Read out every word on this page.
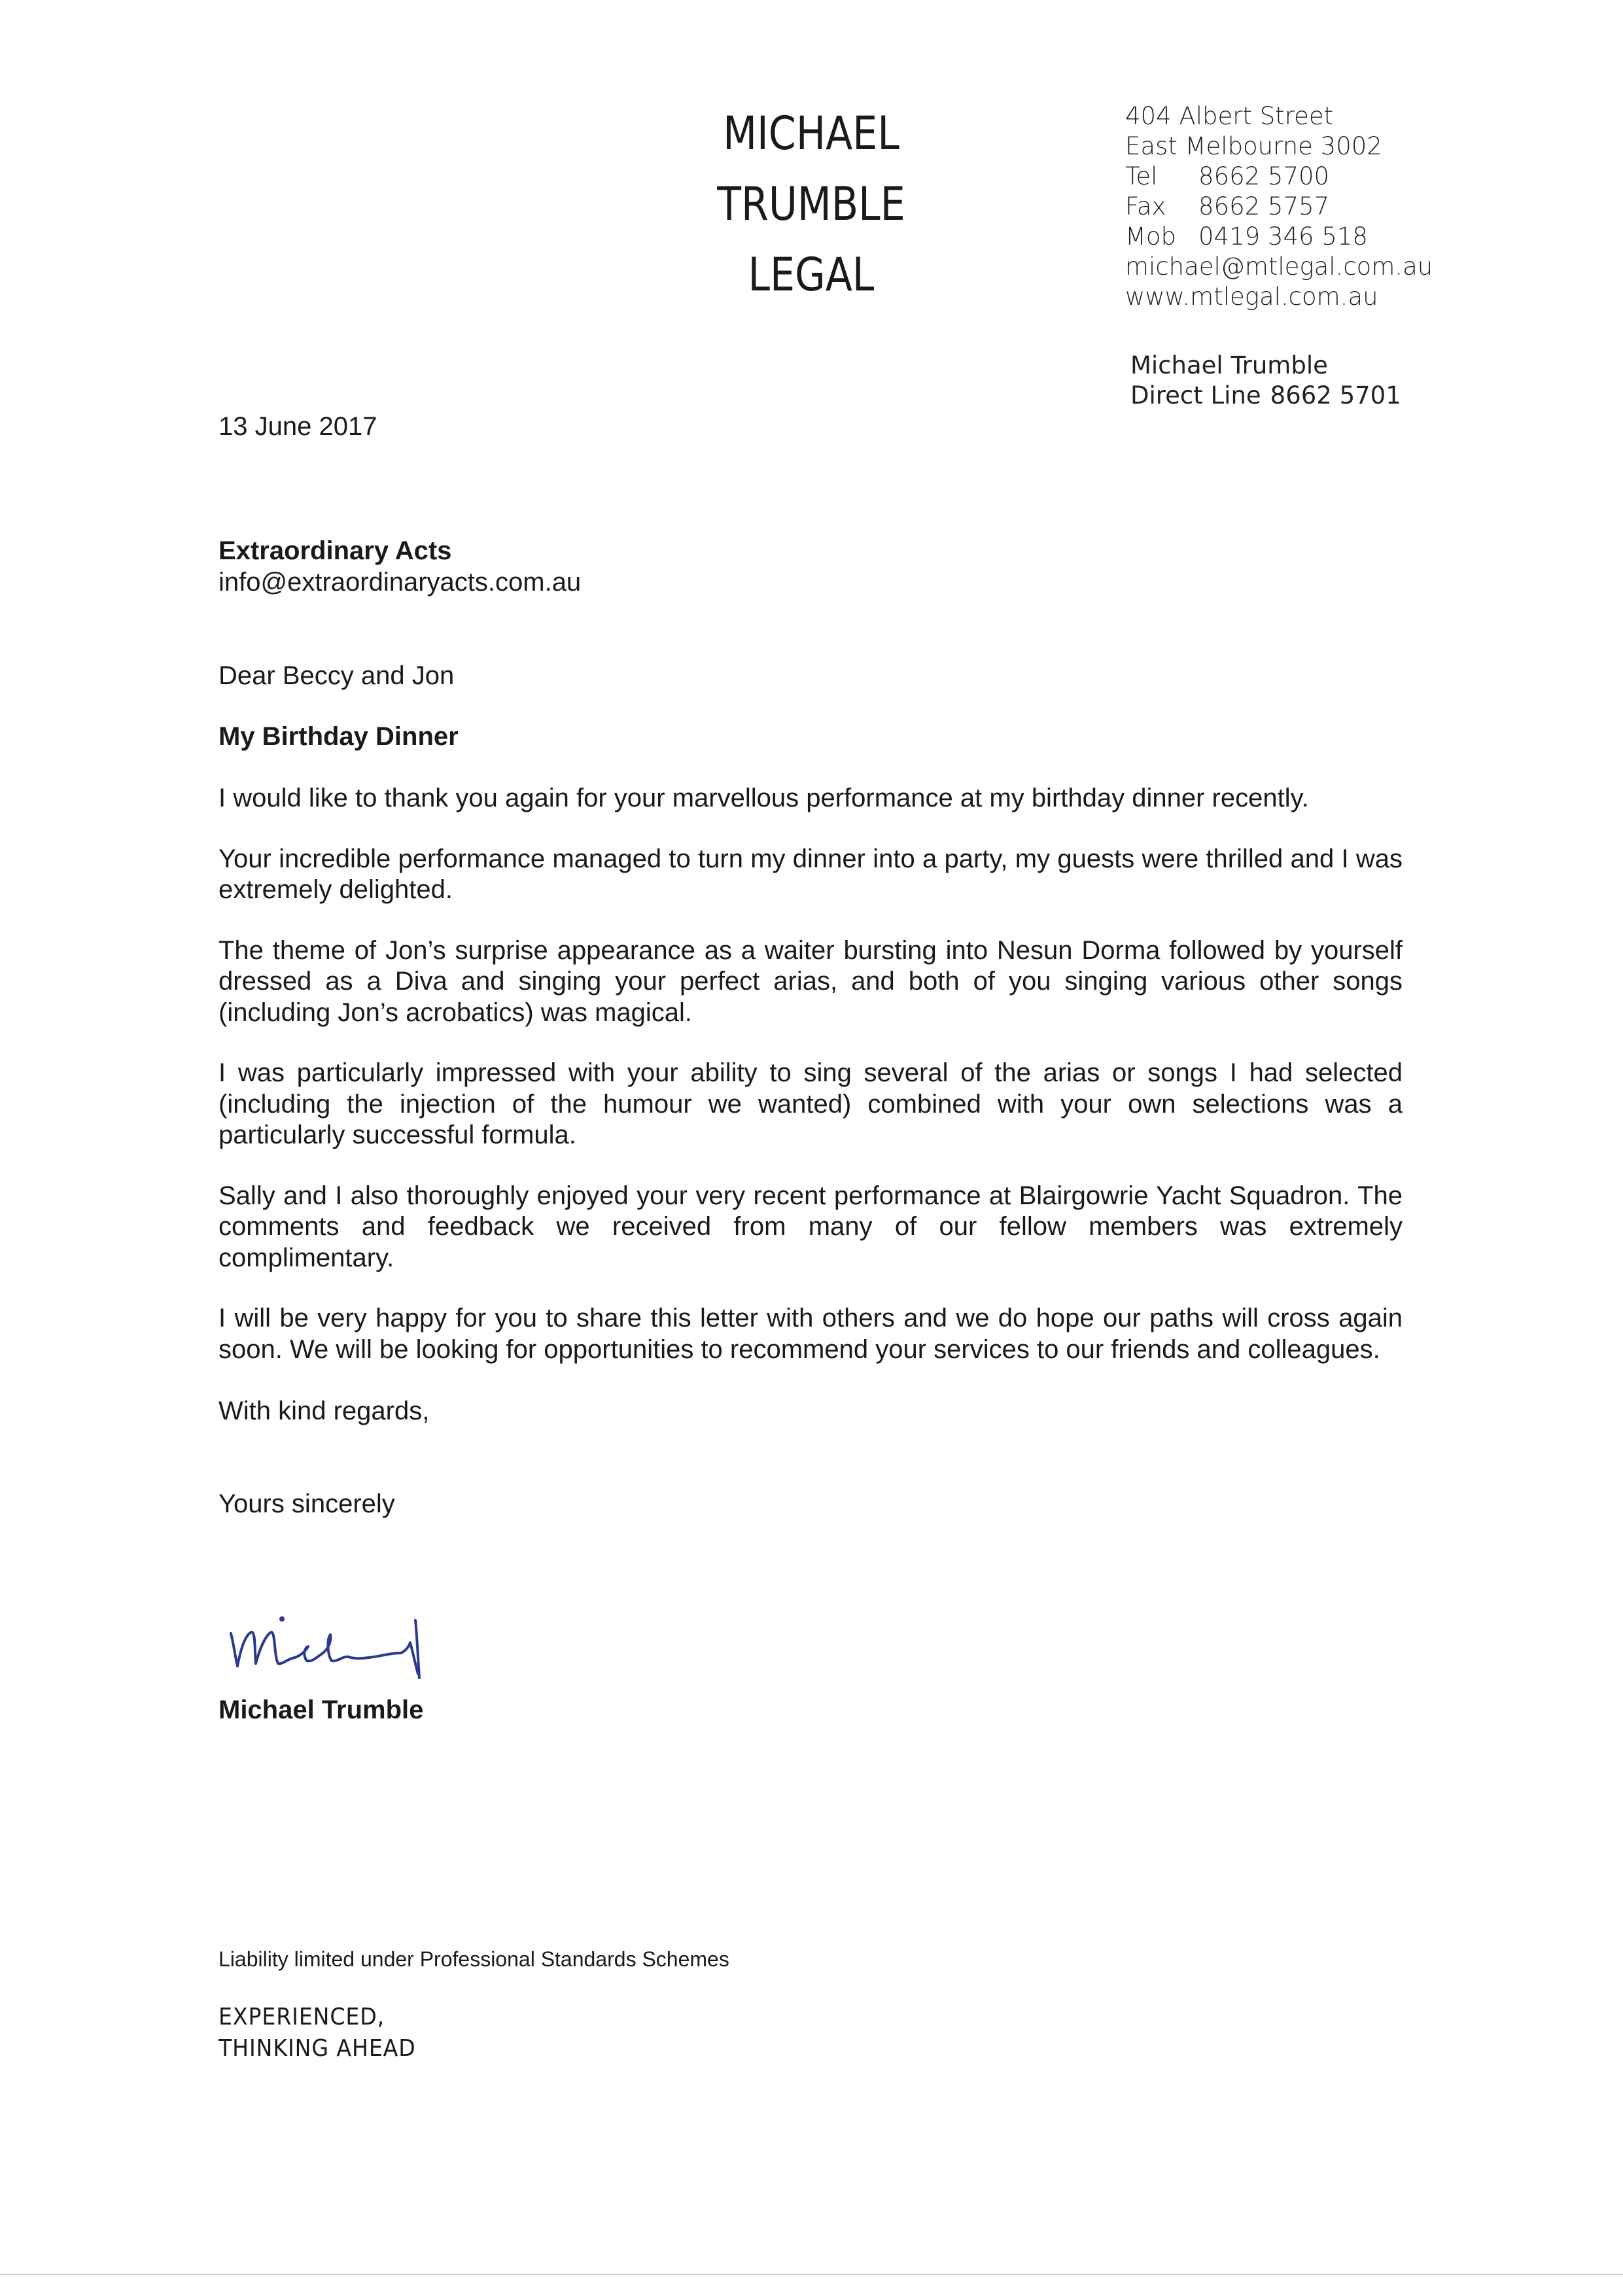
MICHAEL
TRUMBLE
LEGAL
404 Albert Street
East Melbourne 3002
Tel 8662 5700
Fax 8662 5757
Mob 0419 346 518
michael@mtlegal.com.au
www.mtlegal.com.au
Michael Trumble
Direct Line 8662 5701
13 June 2017
Extraordinary Acts
info@extraordinaryacts.com.au

Dear Beccy and Jon

My Birthday Dinner

I would like to thank you again for your marvellous performance at my birthday dinner recently.

Your incredible performance managed to turn my dinner into a party, my guests were thrilled and I was extremely delighted.

The theme of Jon’s surprise appearance as a waiter bursting into Nesun Dorma followed by yourself dressed as a Diva and singing your perfect arias, and both of you singing various other songs (including Jon’s acrobatics) was magical.

I was particularly impressed with your ability to sing several of the arias or songs I had selected (including the injection of the humour we wanted) combined with your own selections was a particularly successful formula.

Sally and I also thoroughly enjoyed your very recent performance at Blairgowrie Yacht Squadron. The comments and feedback we received from many of our fellow members was extremely complimentary.

I will be very happy for you to share this letter with others and we do hope our paths will cross again soon. We will be looking for opportunities to recommend your services to our friends and colleagues.

With kind regards,

Yours sincerely

Michael Trumble
Liability limited under Professional Standards Schemes
EXPERIENCED,
THINKING AHEAD
